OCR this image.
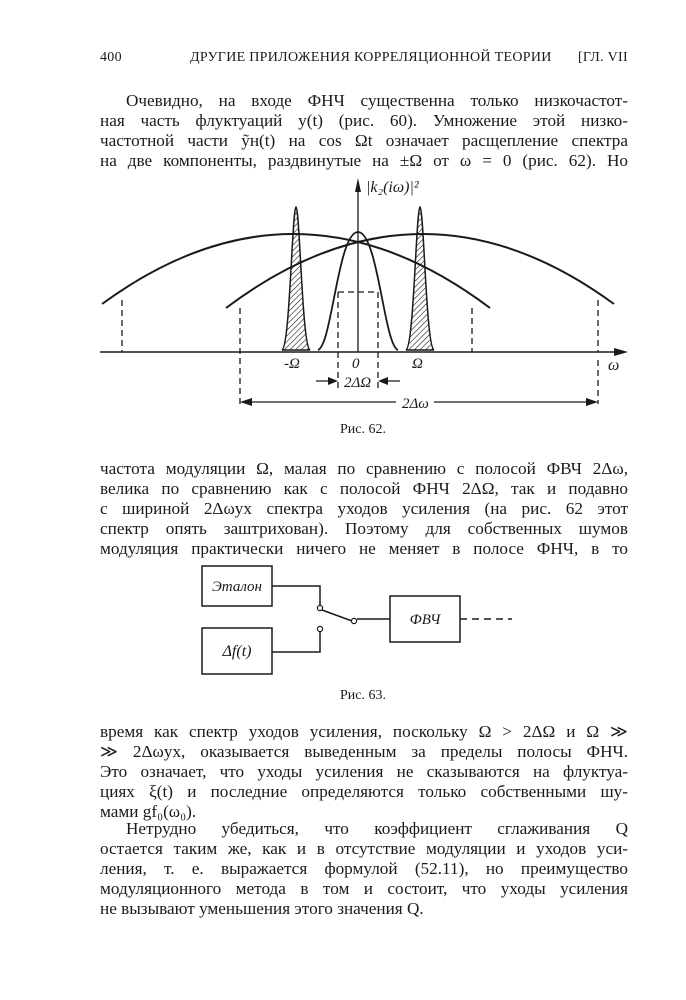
400	ДРУГИЕ ПРИЛОЖЕНИЯ КОРРЕЛЯЦИОННОЙ ТЕОРИИ [ГЛ. VII
Очевидно, на входе ФНЧ существенна только низкочастот-
ная часть флуктуаций y(t) (рис. 60). Умножение этой низко-
частотной части ỹн(t) на cos Ωt означает расщепление спектра
на две компоненты, раздвинутые на ±Ω от ω = 0 (рис. 62). Но
|k₂(iω)|²
ω
-Ω	0	Ω
2ΔΩ
2Δω
Рис. 62.
частота модуляции Ω, малая по сравнению с полосой ФВЧ 2Δω,
велика по сравнению как с полосой ФНЧ 2ΔΩ, так и подавно
с шириной 2Δωух спектра уходов усиления (на рис. 62 этот
спектр опять заштрихован). Поэтому для собственных шумов
модуляция практически ничего не меняет в полосе ФНЧ, в то
Эталон
Δf(t)
ФВЧ
Рис. 63.
время как спектр уходов усиления, поскольку Ω > 2ΔΩ и Ω ≫
≫ 2Δωух, оказывается выведенным за пределы полосы ФНЧ.
Это означает, что уходы усиления не сказываются на флуктуа-
циях ξ(t) и последние определяются только собственными шу-
мами gf₀(ω₀).
Нетрудно убедиться, что коэффициент сглаживания Q
остается таким же, как и в отсутствие модуляции и уходов уси-
ления, т. е. выражается формулой (52.11), но преимущество
модуляционного метода в том и состоит, что уходы усиления
не вызывают уменьшения этого значения Q.
